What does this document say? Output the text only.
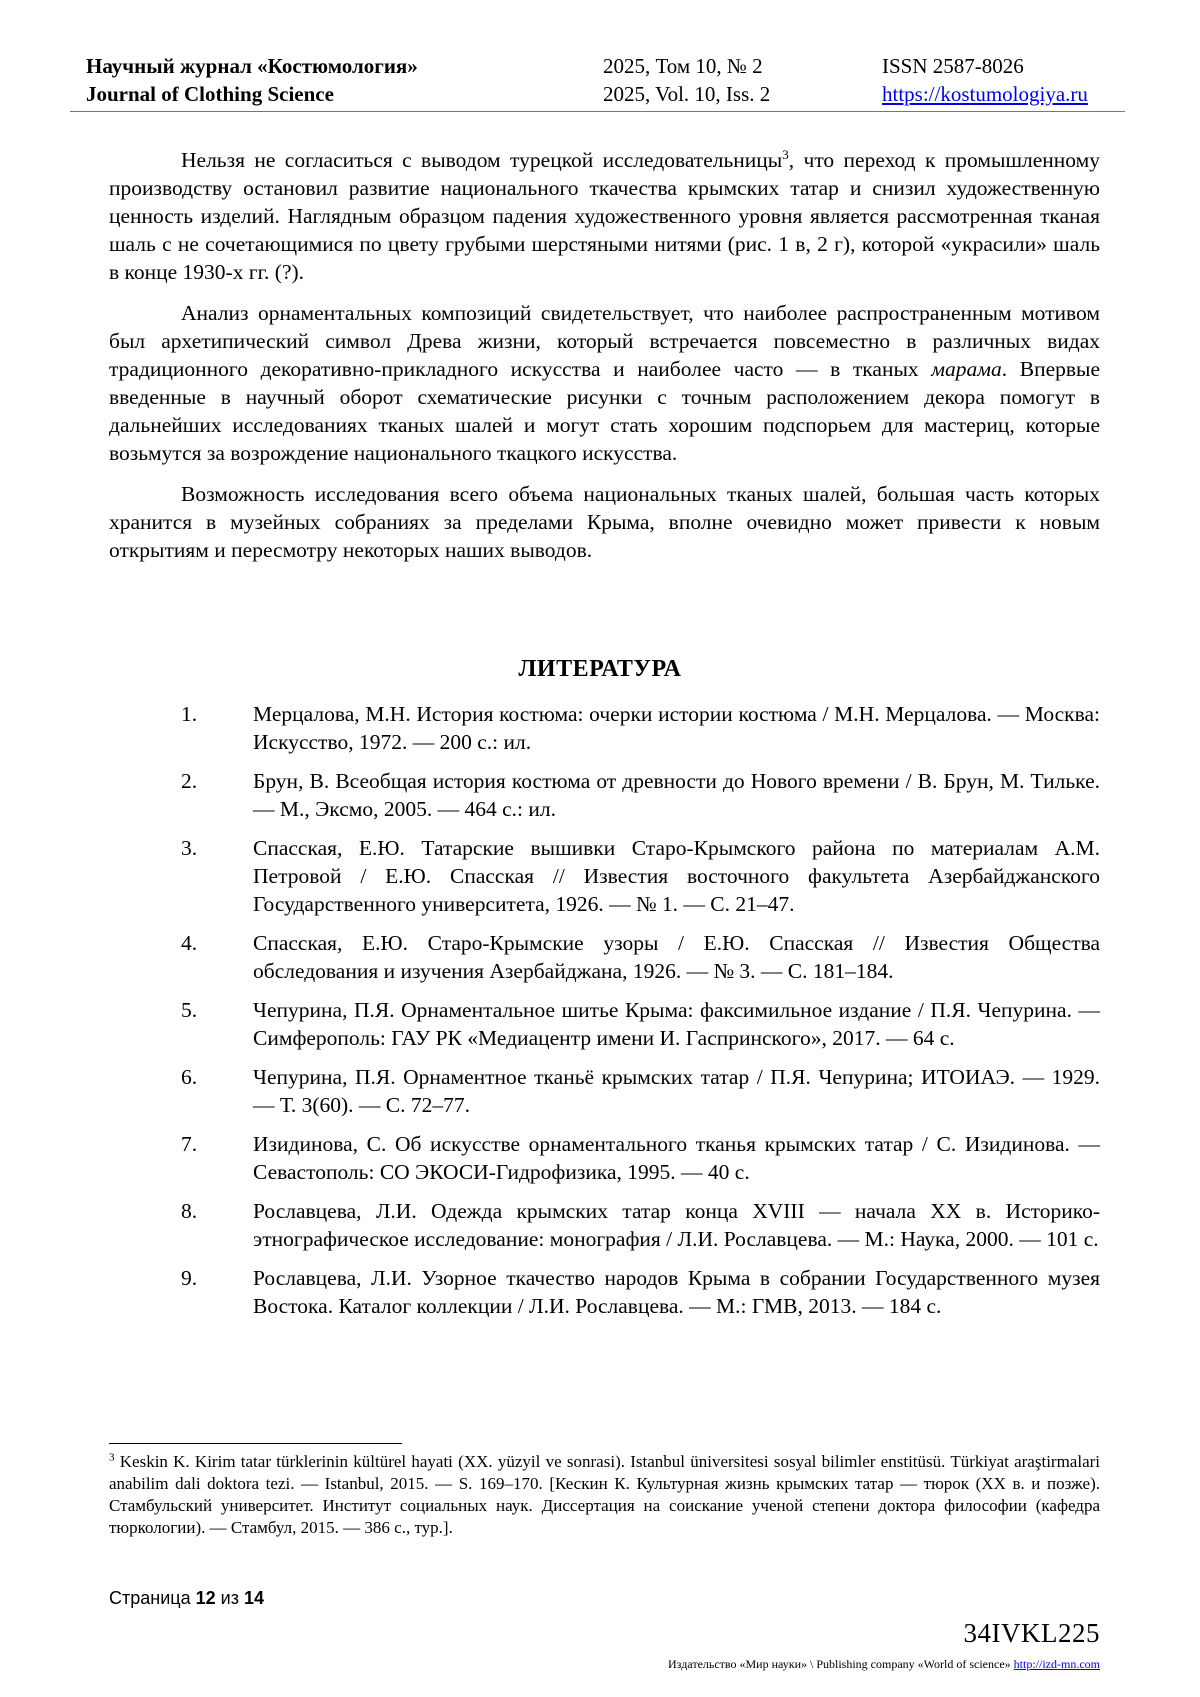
Научный журнал «Костюмология»
Journal of Clothing Science
2025, Том 10, № 2
2025, Vol. 10, Iss. 2
ISSN 2587-8026
https://kostumologiya.ru

Нельзя не согласиться с выводом турецкой исследовательницы$^3$, что переход к промышленному производству остановил развитие национального ткачества крымских татар и снизил художественную ценность изделий. Наглядным образцом падения художественного уровня является рассмотренная тканая шаль с не сочетающимися по цвету грубыми шерстяными нитями (рис. 1 в, 2 г), которой «украсили» шаль в конце 1930-х гг. (?).

Анализ орнаментальных композиций свидетельствует, что наиболее распространенным мотивом был архетипический символ Древа жизни, который встречается повсеместно в различных видах традиционного декоративно-прикладного искусства и наиболее часто — в тканых марама. Впервые введенные в научный оборот схематические рисунки с точным расположением декора помогут в дальнейших исследованиях тканых шалей и могут стать хорошим подспорьем для мастериц, которые возьмутся за возрождение национального ткацкого искусства.

Возможность исследования всего объема национальных тканых шалей, большая часть которых хранится в музейных собраниях за пределами Крыма, вполне очевидно может привести к новым открытиям и пересмотру некоторых наших выводов.

ЛИТЕРАТУРА
1.	Мерцалова, М.Н. История костюма: очерки истории костюма / М.Н. Мерцалова. — Москва: Искусство, 1972. — 200 с.: ил.
2.	Брун, В. Всеобщая история костюма от древности до Нового времени / В. Брун, М. Тильке. — М., Эксмо, 2005. — 464 с.: ил.
3.	Спасская, Е.Ю. Татарские вышивки Старо-Крымского района по материалам А.М. Петровой / Е.Ю. Спасская // Известия восточного факультета Азербайджанского Государственного университета, 1926. — № 1. — С. 21–47.
4.	Спасская, Е.Ю. Старо-Крымские узоры / Е.Ю. Спасская // Известия Общества обследования и изучения Азербайджана, 1926. — № 3. — С. 181–184.
5.	Чепурина, П.Я. Орнаментальное шитье Крыма: факсимильное издание / П.Я. Чепурина. — Симферополь: ГАУ РК «Медиацентр имени И. Гаспринского», 2017. — 64 с.
6.	Чепурина, П.Я. Орнаментное тканьё крымских татар / П.Я. Чепурина; ИТОИАЭ. — 1929. — Т. 3(60). — С. 72–77.
7.	Изидинова, С. Об искусстве орнаментального тканья крымских татар / С. Изидинова. — Севастополь: СО ЭКОСИ-Гидрофизика, 1995. — 40 с.
8.	Рославцева, Л.И. Одежда крымских татар конца XVIII — начала XX в. Историко-этнографическое исследование: монография / Л.И. Рославцева. — М.: Наука, 2000. — 101 с.
9.	Рославцева, Л.И. Узорное ткачество народов Крыма в собрании Государственного музея Востока. Каталог коллекции / Л.И. Рославцева. — М.: ГМВ, 2013. — 184 с.
$^3$ Keskin K. Kirim tatar türklerinin kültürel hayati (XX. yüzyil ve sonrasi). Istanbul üniversitesi sosyal bilimler enstitüsü. Türkiyat araştirmalari anabilim dali doktora tezi. — Istanbul, 2015. — S. 169–170. [Кескин К. Культурная жизнь крымских татар — тюрок (XX в. и позже). Стамбульский университет. Институт социальных наук. Диссертация на соискание ученой степени доктора философии (кафедра тюркологии). — Стамбул, 2015. — 386 с., тур.].
Страница 12 из 14
34IVKL225
Издательство «Мир науки» \ Publishing company «World of science» http://izd-mn.com
